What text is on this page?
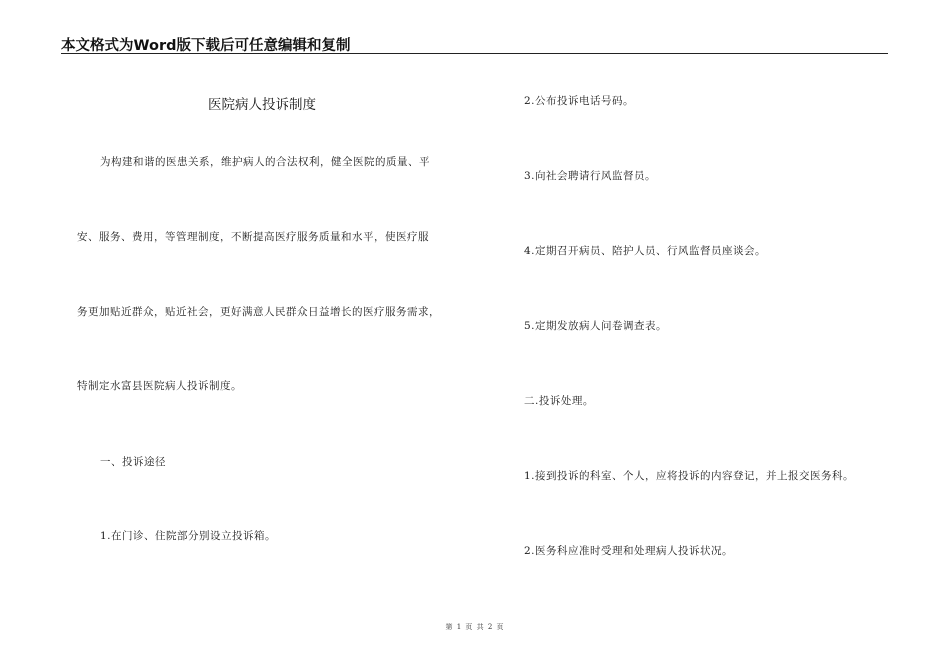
本文格式为Word版下载后可任意编辑和复制
医院病人投诉制度
为构建和谐的医患关系，维护病人的合法权利，健全医院的质量、平
安、服务、费用，等管理制度，不断提高医疗服务质量和水平，使医疗服
务更加贴近群众，贴近社会，更好满意人民群众日益增长的医疗服务需求，
特制定水富县医院病人投诉制度。
一、投诉途径
1.在门诊、住院部分别设立投诉箱。
2.公布投诉电话号码。
3.向社会聘请行风监督员。
4.定期召开病员、陪护人员、行风监督员座谈会。
5.定期发放病人问卷调查表。
二.投诉处理。
1.接到投诉的科室、个人，应将投诉的内容登记，并上报交医务科。
2.医务科应准时受理和处理病人投诉状况。
第 1 页 共 2 页
